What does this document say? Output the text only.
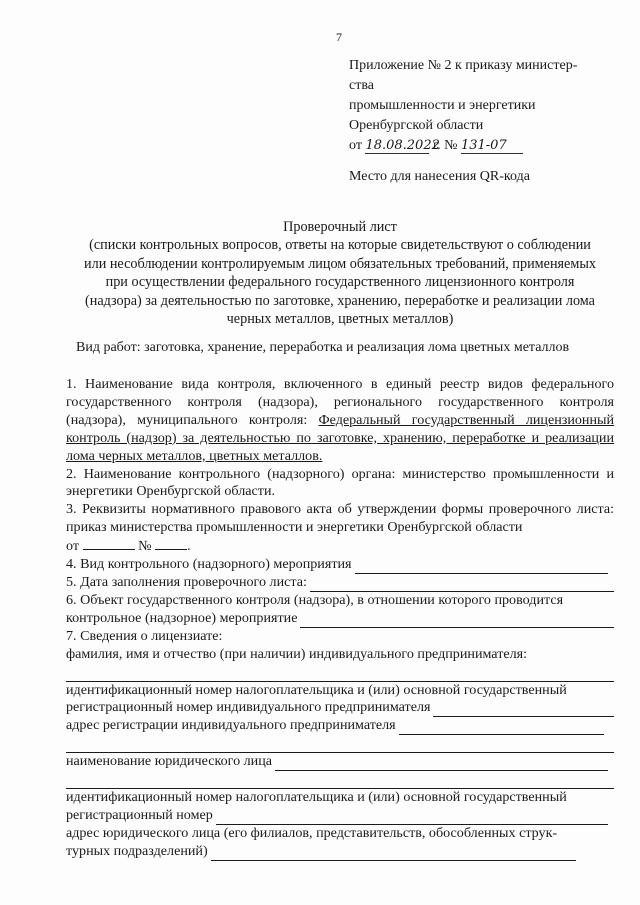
7
Приложение № 2 к приказу министер-
ства
промышленности и энергетики
Оренбургской области
от 18.08.2022 г. № 131-07
Место для нанесения QR-кода
Проверочный лист
(списки контрольных вопросов, ответы на которые свидетельствуют о соблюдении
или несоблюдении контролируемым лицом обязательных требований, применяемых
при осуществлении федерального государственного лицензионного контроля
(надзора) за деятельностью по заготовке, хранению, переработке и реализации лома
черных металлов, цветных металлов)
Вид работ: заготовка, хранение, переработка и реализация лома цветных металлов

1. Наименование вида контроля, включенного в единый реестр видов федерального государственного контроля (надзора), регионального государственного контроля (надзора), муниципального контроля: Федеральный государственный лицензионный контроль (надзор) за деятельностью по заготовке, хранению, переработке и реализации лома черных металлов, цветных металлов.

2. Наименование контрольного (надзорного) органа: министерство промышленности и энергетики Оренбургской области.

3. Реквизиты нормативного правового акта об утверждении формы проверочного листа: приказ министерства промышленности и энергетики Оренбургской области

от	№	.
4. Вид контрольного (надзорного) мероприятия
5. Дата заполнения проверочного листа:

6. Объект государственного контроля (надзора), в отношении которого проводится

контрольное (надзорное) мероприятие
7. Сведения о лицензиате:
фамилия, имя и отчество (при наличии) индивидуального предпринимателя:

идентификационный номер налогоплательщика и (или) основной государственный

регистрационный номер индивидуального предпринимателя
адрес регистрации индивидуального предпринимателя
наименование юридического лица

идентификационный номер налогоплательщика и (или) основной государственный

регистрационный номер

адрес юридического лица (его филиалов, представительств, обособленных струк-

турных подразделений)
